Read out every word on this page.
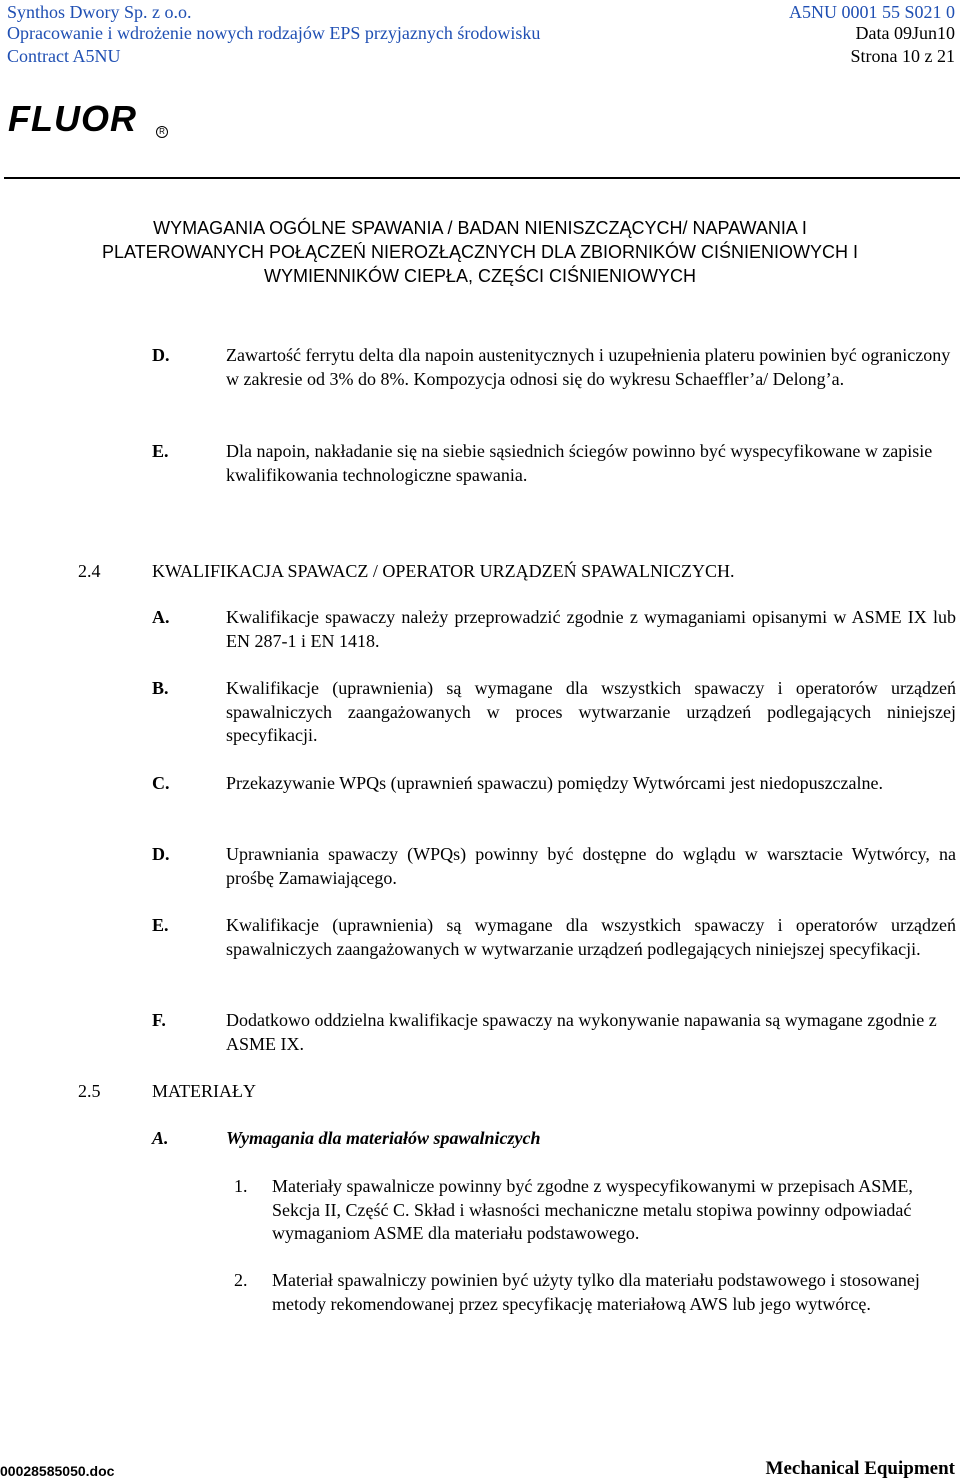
Synthos Dwory Sp. z o.o.	A5NU 0001 55 S021 0
Opracowanie i wdrożenie nowych rodzajów EPS przyjaznych środowisku	Data 09Jun10
Contract A5NU	Strona 10 z 21
FLUOR	R
WYMAGANIA OGÓLNE SPAWANIA / BADAN NIENISZCZĄCYCH/ NAPAWANIA I
PLATEROWANYCH POŁĄCZEŃ NIEROZŁĄCZNYCH DLA ZBIORNIKÓW CIŚNIENIOWYCH I
WYMIENNIKÓW CIEPŁA, CZĘŚCI CIŚNIENIOWYCH
D.	Zawartość ferrytu delta dla napoin austenitycznych i uzupełnienia plateru powinien być ograniczony w zakresie od 3% do 8%. Kompozycja odnosi się do wykresu Schaeffler’a/ Delong’a.
E.	Dla napoin, nakładanie się na siebie sąsiednich ściegów powinno być wyspecyfikowane w zapisie kwalifikowania technologiczne spawania.
2.4	KWALIFIKACJA SPAWACZ / OPERATOR URZĄDZEŃ SPAWALNICZYCH.
A.	Kwalifikacje spawaczy należy przeprowadzić zgodnie z wymaganiami opisanymi w ASME IX lub EN 287-1 i EN 1418.
B.	Kwalifikacje (uprawnienia) są wymagane dla wszystkich spawaczy i operatorów urządzeń spawalniczych zaangażowanych w proces wytwarzanie urządzeń podlegających niniejszej specyfikacji.
C.	Przekazywanie WPQs (uprawnień spawaczu) pomiędzy Wytwórcami jest niedopuszczalne.
D.	Uprawniania spawaczy (WPQs) powinny być dostępne do wglądu w warsztacie Wytwórcy, na prośbę Zamawiającego.
E.	Kwalifikacje (uprawnienia) są wymagane dla wszystkich spawaczy i operatorów urządzeń spawalniczych zaangażowanych w wytwarzanie urządzeń podlegających niniejszej specyfikacji.
F.	Dodatkowo oddzielna kwalifikacje spawaczy na wykonywanie napawania są wymagane zgodnie z ASME IX.
2.5	MATERIAŁY
A.	Wymagania dla materiałów spawalniczych
1. Materiały spawalnicze powinny być zgodne z wyspecyfikowanymi w przepisach ASME, Sekcja II, Część C. Skład i własności mechaniczne metalu stopiwa powinny odpowiadać wymaganiom ASME dla materiału podstawowego.
2. Materiał spawalniczy powinien być użyty tylko dla materiału podstawowego i stosowanej metody rekomendowanej przez specyfikację materiałową AWS lub jego wytwórcę.
00028585050.doc	Mechanical Equipment
